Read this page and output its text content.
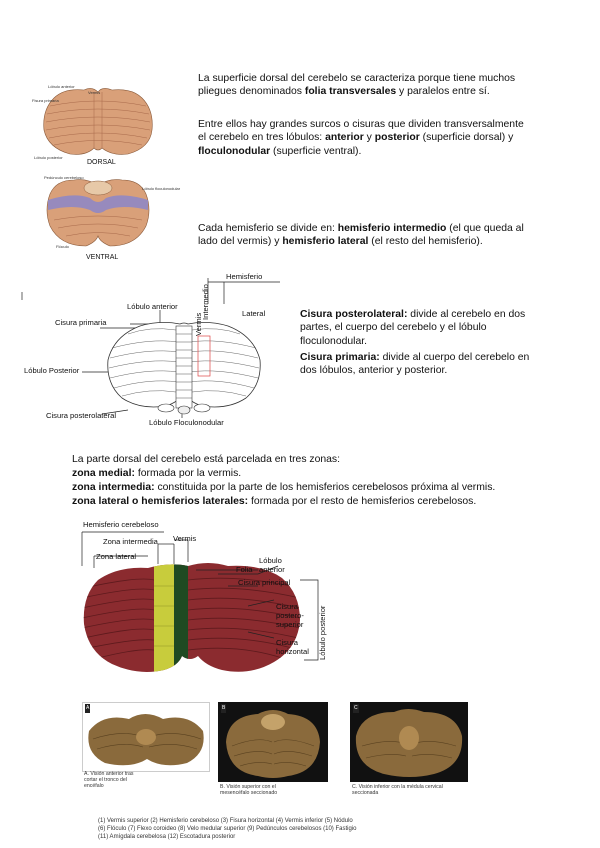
Lóbulo anterior
Vermis
Fisura primaria
Lóbulo posterior
Pedúnculo cerebeloso
Lóbulo floculonodular
Flóculo
DORSAL
VENTRAL
La superficie dorsal del cerebelo se caracteriza porque tiene muchos pliegues denominados folia transversales y paralelos entre sí.
Entre ellos hay grandes surcos o cisuras que dividen transversalmente el cerebelo en tres lóbulos: anterior y posterior (superficie dorsal) y floculonodular (superficie ventral).
Cada hemisferio se divide en: hemisferio intermedio (el que queda al lado del vermis) y hemisferio lateral (el resto del hemisferio).
Hemisferio
Intermedio	Lateral
Lóbulo anterior
Vermis
Cisura primaria
Lóbulo Posterior
Cisura posterolateral
Lóbulo Floculonodular
Cisura posterolateral: divide al cerebelo en dos partes, el cuerpo del cerebelo y el lóbulo floculonodular.
Cisura primaria: divide al cuerpo del cerebelo en dos lóbulos, anterior y posterior.
La parte dorsal del cerebelo está parcelada en tres zonas:
zona medial: formada por la vermis.
zona intermedia: constituida por la parte de los hemisferios cerebelosos próxima al vermis.
zona lateral o hemisferios laterales: formada por el resto de hemisferios cerebelosos.
Hemisferio cerebeloso
Zona intermedia Vermis
Zona lateral	Lóbulo anterior
Folia
Cisura principal
Cisura postero-superior
Cisura horizontal Lóbulo posterior
A	B	C
A. Visión anterior tras cortar el tronco del encéfalo	B. Visión superior con el mesencéfalo seccionado
C. Visión inferior con la médula cervical seccionada
(1) Vermis superior (2) Hemisferio cerebeloso (3) Fisura horizontal (4) Vermis inferior (5) Nódulo
(6) Flóculo (7) Flexo coroideo (8) Velo medular superior (9) Pedúnculos cerebelosos (10) Fastigio
(11) Amígdala cerebelosa (12) Escotadura posterior
